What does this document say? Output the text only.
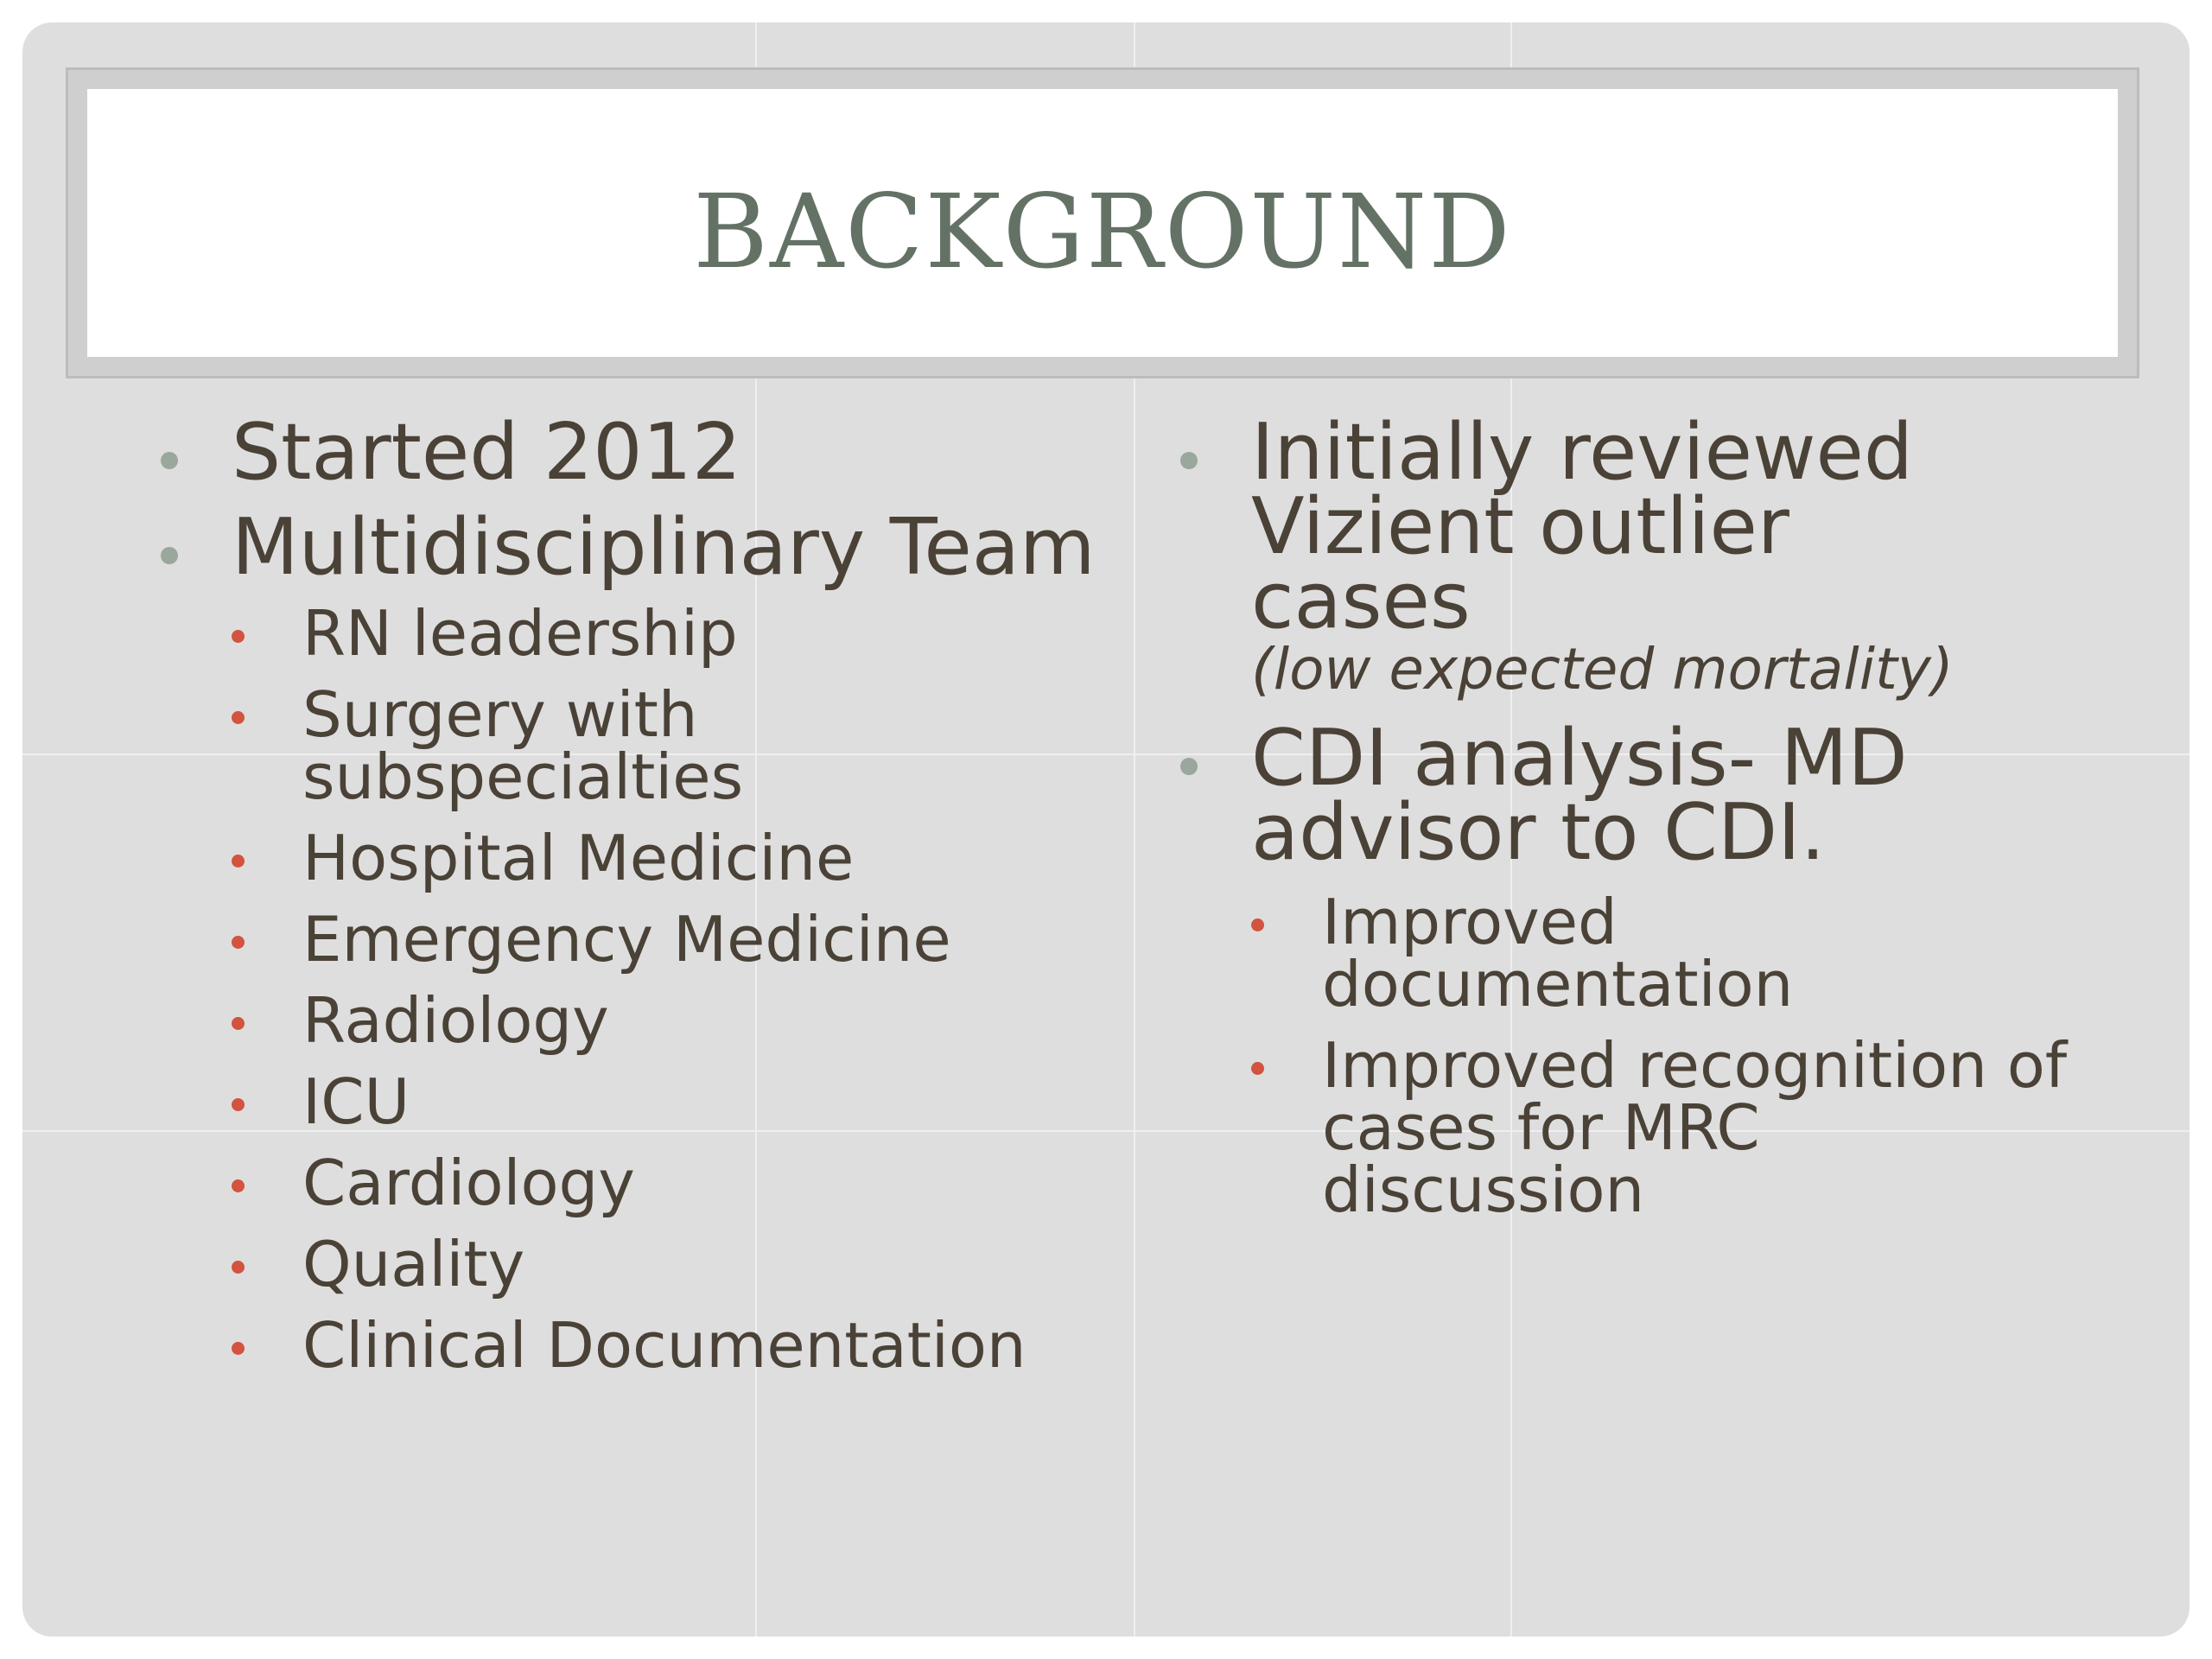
BACKGROUND
Started 2012
Multidisciplinary Team
RN leadership
Surgery with subspecialties
Hospital Medicine
Emergency Medicine
Radiology
ICU
Cardiology
Quality
Clinical Documentation
Initially reviewed Vizient outlier cases
(low expected mortality)
CDI analysis- MD advisor to CDI.
Improved documentation
Improved recognition of cases for MRC discussion
